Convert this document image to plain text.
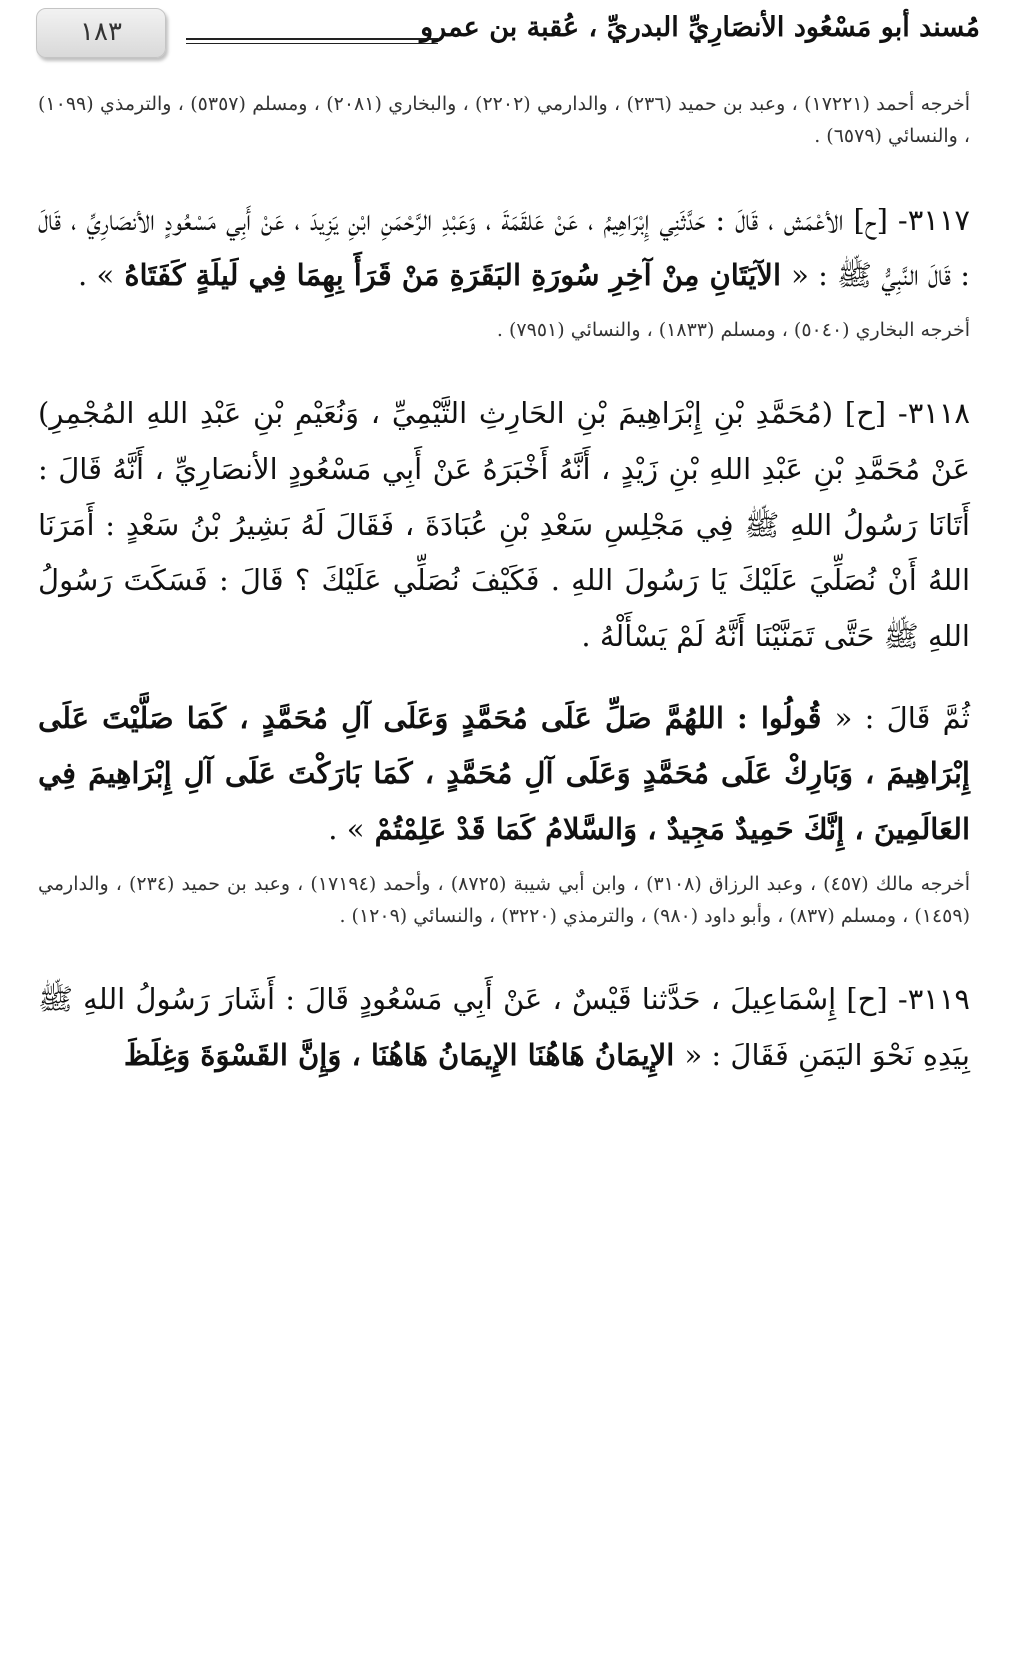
١٨٣	مُسند أبو مَسْعُود الأنصَارِيِّ البدريِّ ، عُقبة بن عمرو

أخرجه أحمد (١٧٢٢١) ، وعبد بن حميد (٢٣٦) ، والدارمي (٢٢٠٢) ، والبخاري (٢٠٨١) ، ومسلم (٥٣٥٧) ، والترمذي (١٠٩٩) ، والنسائي (٦٥٧٩) .

٣١١٧- [ح] الأعْمَش ، قَالَ : حَدَّثَنِي إِبْرَاهِيمُ ، عَنْ عَلقَمَةَ ، وَعَبْدِ الرَّحْمَنِ ابْنِ يَزِيدَ ، عَنْ أَبِي مَسْعُودٍ الأنصَارِيِّ ، قَالَ : قَالَ النَّبِيُّ ﷺ : « الآيَتَانِ مِنْ آخِرِ سُورَةِ البَقَرَةِ مَنْ قَرَأَ بِهِمَا فِي لَيلَةٍ كَفَتَاهُ » .

أخرجه البخاري (٥٠٤٠) ، ومسلم (١٨٣٣) ، والنسائي (٧٩٥١) .

٣١١٨- [ح] (مُحَمَّدِ بْنِ إِبْرَاهِيمَ بْنِ الحَارِثِ التَّيْمِيِّ ، وَنُعَيْمِ بْنِ عَبْدِ اللهِ المُجْمِرِ) عَنْ مُحَمَّدِ بْنِ عَبْدِ اللهِ بْنِ زَيْدٍ ، أَنَّهُ أَخْبَرَهُ عَنْ أَبِي مَسْعُودٍ الأنصَارِيِّ ، أَنَّهُ قَالَ : أَتَانَا رَسُولُ اللهِ ﷺ فِي مَجْلِسِ سَعْدِ بْنِ عُبَادَةَ ، فَقَالَ لَهُ بَشِيرُ بْنُ سَعْدٍ : أَمَرَنَا اللهُ أَنْ نُصَلِّيَ عَلَيْكَ يَا رَسُولَ اللهِ . فَكَيْفَ نُصَلِّي عَلَيْكَ ؟ قَالَ : فَسَكَتَ رَسُولُ اللهِ ﷺ حَتَّى تَمَنَّيْنَا أَنَّهُ لَمْ يَسْأَلْهُ .

ثُمَّ قَالَ : « قُولُوا : اللهُمَّ صَلِّ عَلَى مُحَمَّدٍ وَعَلَى آلِ مُحَمَّدٍ ، كَمَا صَلَّيْتَ عَلَى إِبْرَاهِيمَ ، وَبَارِكْ عَلَى مُحَمَّدٍ وَعَلَى آلِ مُحَمَّدٍ ، كَمَا بَارَكْتَ عَلَى آلِ إِبْرَاهِيمَ فِي العَالَمِينَ ، إِنَّكَ حَمِيدٌ مَجِيدٌ ، وَالسَّلامُ كَمَا قَدْ عَلِمْتُمْ » .

أخرجه مالك (٤٥٧) ، وعبد الرزاق (٣١٠٨) ، وابن أبي شيبة (٨٧٢٥) ، وأحمد (١٧١٩٤) ، وعبد بن حميد (٢٣٤) ، والدارمي (١٤٥٩) ، ومسلم (٨٣٧) ، وأبو داود (٩٨٠) ، والترمذي (٣٢٢٠) ، والنسائي (١٢٠٩) .

٣١١٩- [ح] إِسْمَاعِيلَ ، حَدَّثنا قَيْسٌ ، عَنْ أَبِي مَسْعُودٍ قَالَ : أَشَارَ رَسُولُ اللهِ ﷺ بِيَدِهِ نَحْوَ اليَمَنِ فَقَالَ : « الإِيمَانُ هَاهُنَا الإِيمَانُ هَاهُنَا ، وَإِنَّ القَسْوَةَ وَغِلَظَ
